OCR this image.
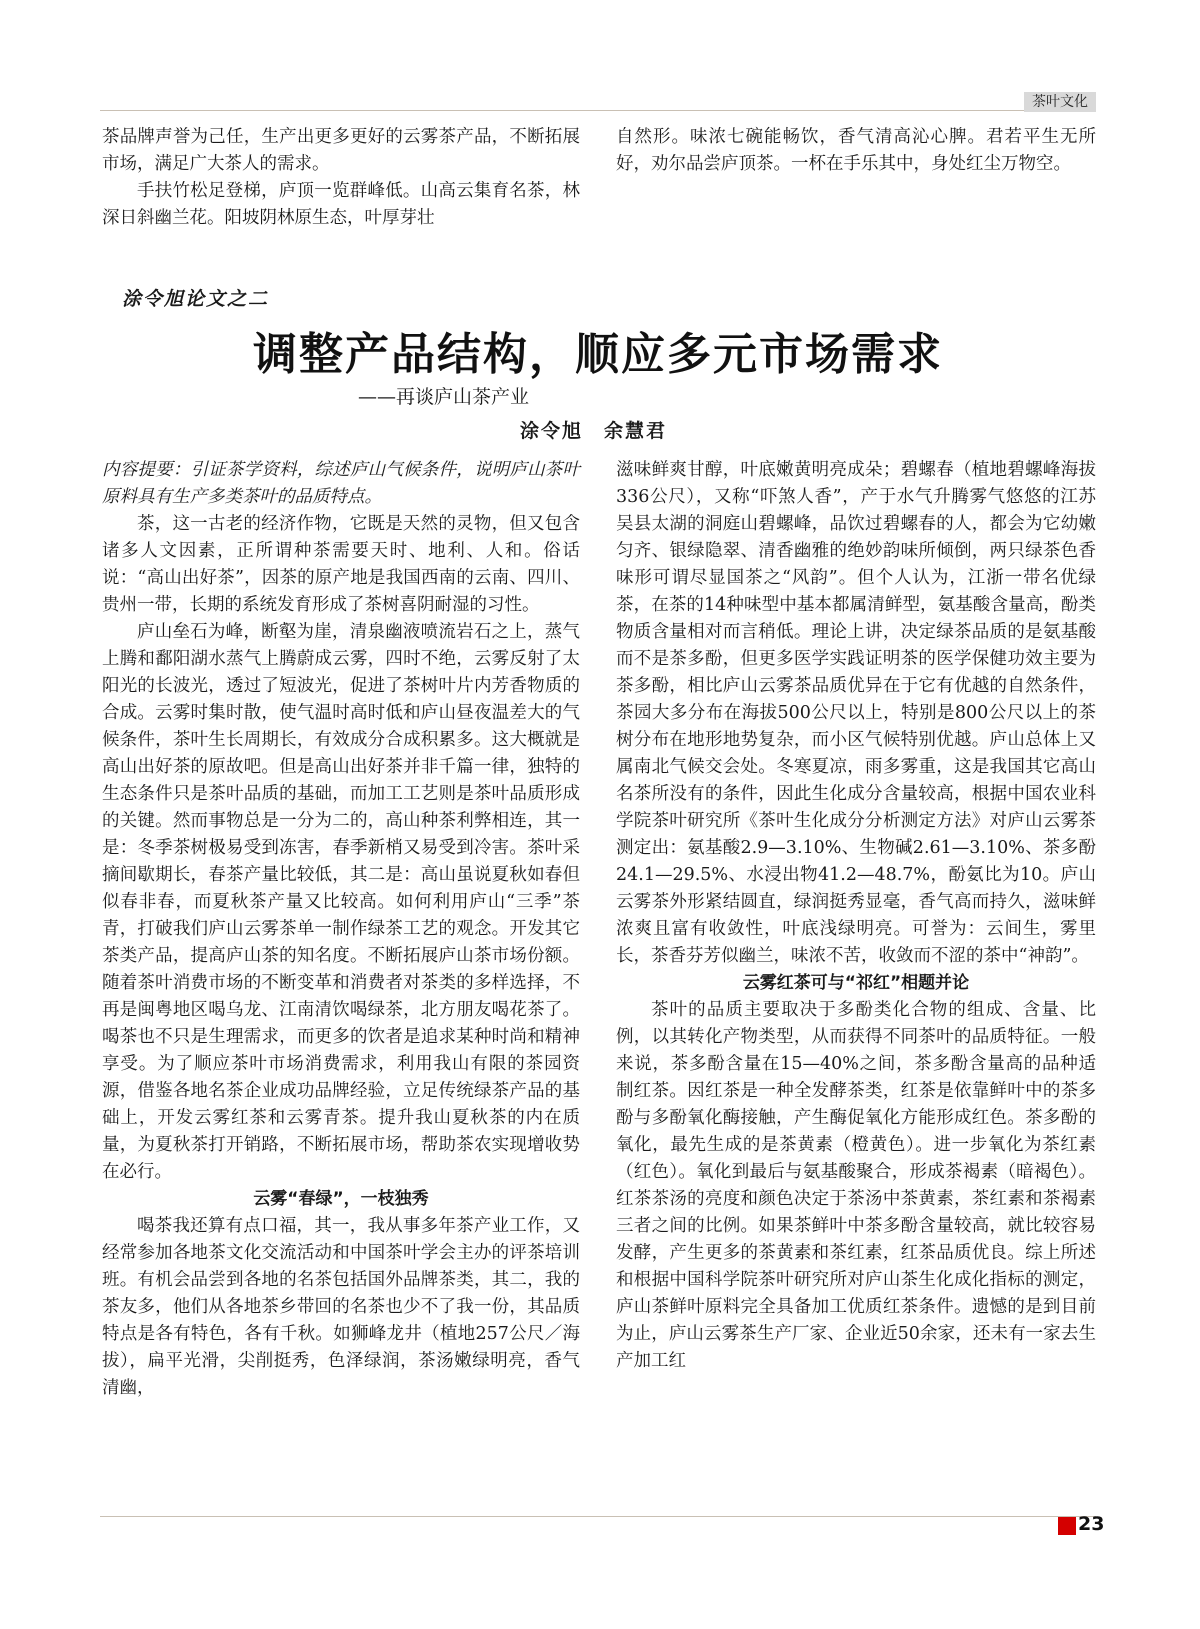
茶叶文化

茶品牌声誉为己任，生产出更多更好的云雾茶产品，不断拓展市场，满足广大茶人的需求。

手扶竹松足登梯，庐顶一览群峰低。山高云集育名茶，林深日斜幽兰花。阳坡阴林原生态，叶厚芽壮

自然形。味浓七碗能畅饮，香气清高沁心脾。君若平生无所好，劝尔品尝庐顶茶。一杯在手乐其中，身处红尘万物空。

涂令旭论文之二
调整产品结构，顺应多元市场需求
——再谈庐山茶产业
涂令旭　余慧君

内容提要：引证茶学资料，综述庐山气候条件，说明庐山茶叶原料具有生产多类茶叶的品质特点。

茶，这一古老的经济作物，它既是天然的灵物，但又包含诸多人文因素，正所谓种茶需要天时、地利、人和。俗话说：“高山出好茶”，因茶的原产地是我国西南的云南、四川、贵州一带，长期的系统发育形成了茶树喜阴耐湿的习性。

庐山垒石为峰，断壑为崖，清泉幽液喷流岩石之上，蒸气上腾和鄱阳湖水蒸气上腾蔚成云雾，四时不绝，云雾反射了太阳光的长波光，透过了短波光，促进了茶树叶片内芳香物质的合成。云雾时集时散，使气温时高时低和庐山昼夜温差大的气候条件，茶叶生长周期长，有效成分合成积累多。这大概就是高山出好茶的原故吧。但是高山出好茶并非千篇一律，独特的生态条件只是茶叶品质的基础，而加工工艺则是茶叶品质形成的关键。然而事物总是一分为二的，高山种茶利弊相连，其一是：冬季茶树极易受到冻害，春季新梢又易受到冷害。茶叶采摘间歇期长，春茶产量比较低，其二是：高山虽说夏秋如春但似春非春，而夏秋茶产量又比较高。如何利用庐山“三季”茶青，打破我们庐山云雾茶单一制作绿茶工艺的观念。开发其它茶类产品，提高庐山茶的知名度。不断拓展庐山茶市场份额。随着茶叶消费市场的不断变革和消费者对茶类的多样选择，不再是闽粤地区喝乌龙、江南清饮喝绿茶，北方朋友喝花茶了。喝茶也不只是生理需求，而更多的饮者是追求某种时尚和精神享受。为了顺应茶叶市场消费需求，利用我山有限的茶园资源，借鉴各地名茶企业成功品牌经验，立足传统绿茶产品的基础上，开发云雾红茶和云雾青茶。提升我山夏秋茶的内在质量，为夏秋茶打开销路，不断拓展市场，帮助茶农实现增收势在必行。

云雾“春绿”，一枝独秀

喝茶我还算有点口福，其一，我从事多年茶产业工作，又经常参加各地茶文化交流活动和中国茶叶学会主办的评茶培训班。有机会品尝到各地的名茶包括国外品牌茶类，其二，我的茶友多，他们从各地茶乡带回的名茶也少不了我一份，其品质特点是各有特色，各有千秋。如狮峰龙井（植地257公尺／海拔），扁平光滑，尖削挺秀，色泽绿润，茶汤嫩绿明亮，香气清幽，

滋味鲜爽甘醇，叶底嫩黄明亮成朵；碧螺春（植地碧螺峰海拔336公尺），又称“吓煞人香”，产于水气升腾雾气悠悠的江苏吴县太湖的洞庭山碧螺峰，品饮过碧螺春的人，都会为它幼嫩匀齐、银绿隐翠、清香幽雅的绝妙韵味所倾倒，两只绿茶色香味形可谓尽显国茶之“风韵”。但个人认为，江浙一带名优绿茶，在茶的14种味型中基本都属清鲜型，氨基酸含量高，酚类物质含量相对而言稍低。理论上讲，决定绿茶品质的是氨基酸而不是茶多酚，但更多医学实践证明茶的医学保健功效主要为茶多酚，相比庐山云雾茶品质优异在于它有优越的自然条件，茶园大多分布在海拔500公尺以上，特别是800公尺以上的茶树分布在地形地势复杂，而小区气候特别优越。庐山总体上又属南北气候交会处。冬寒夏凉，雨多雾重，这是我国其它高山名茶所没有的条件，因此生化成分含量较高，根据中国农业科学院茶叶研究所《茶叶生化成分分析测定方法》对庐山云雾茶测定出：氨基酸2.9—3.10%、生物碱2.61—3.10%、茶多酚24.1—29.5%、水浸出物41.2—48.7%，酚氨比为10。庐山云雾茶外形紧结圆直，绿润挺秀显毫，香气高而持久，滋味鲜浓爽且富有收敛性，叶底浅绿明亮。可誉为：云间生，雾里长，茶香芬芳似幽兰，味浓不苦，收敛而不涩的茶中“神韵”。

云雾红茶可与“祁红”相题并论

茶叶的品质主要取决于多酚类化合物的组成、含量、比例，以其转化产物类型，从而获得不同茶叶的品质特征。一般来说，茶多酚含量在15—40%之间，茶多酚含量高的品种适制红茶。因红茶是一种全发酵茶类，红茶是依靠鲜叶中的茶多酚与多酚氧化酶接触，产生酶促氧化方能形成红色。茶多酚的氧化，最先生成的是茶黄素（橙黄色）。进一步氧化为茶红素（红色）。氧化到最后与氨基酸聚合，形成茶褐素（暗褐色）。红茶茶汤的亮度和颜色决定于茶汤中茶黄素，茶红素和茶褐素三者之间的比例。如果茶鲜叶中茶多酚含量较高，就比较容易发酵，产生更多的茶黄素和茶红素，红茶品质优良。综上所述和根据中国科学院茶叶研究所对庐山茶生化成化指标的测定，庐山茶鲜叶原料完全具备加工优质红茶条件。遗憾的是到目前为止，庐山云雾茶生产厂家、企业近50余家，还未有一家去生产加工红

23
